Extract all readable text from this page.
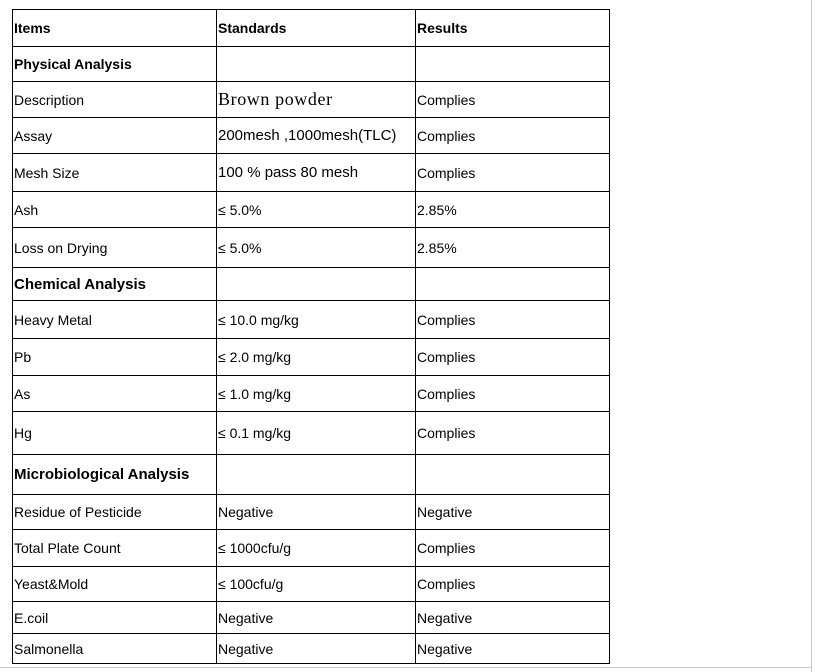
Items	Standards	Results
Physical Analysis		
Description	Brown powder	Complies
Assay	200mesh ,1000mesh(TLC)	Complies
Mesh Size	100 % pass 80 mesh	Complies
Ash	≤ 5.0%	2.85%
Loss on Drying	≤ 5.0%	2.85%
Chemical Analysis		
Heavy Metal	≤ 10.0 mg/kg	Complies
Pb	≤ 2.0 mg/kg	Complies
As	≤ 1.0 mg/kg	Complies
Hg	≤ 0.1 mg/kg	Complies
Microbiological Analysis		
Residue of Pesticide	Negative	Negative
Total Plate Count	≤ 1000cfu/g	Complies
Yeast&Mold	≤ 100cfu/g	Complies
E.coil	Negative	Negative
Salmonella	Negative	Negative
